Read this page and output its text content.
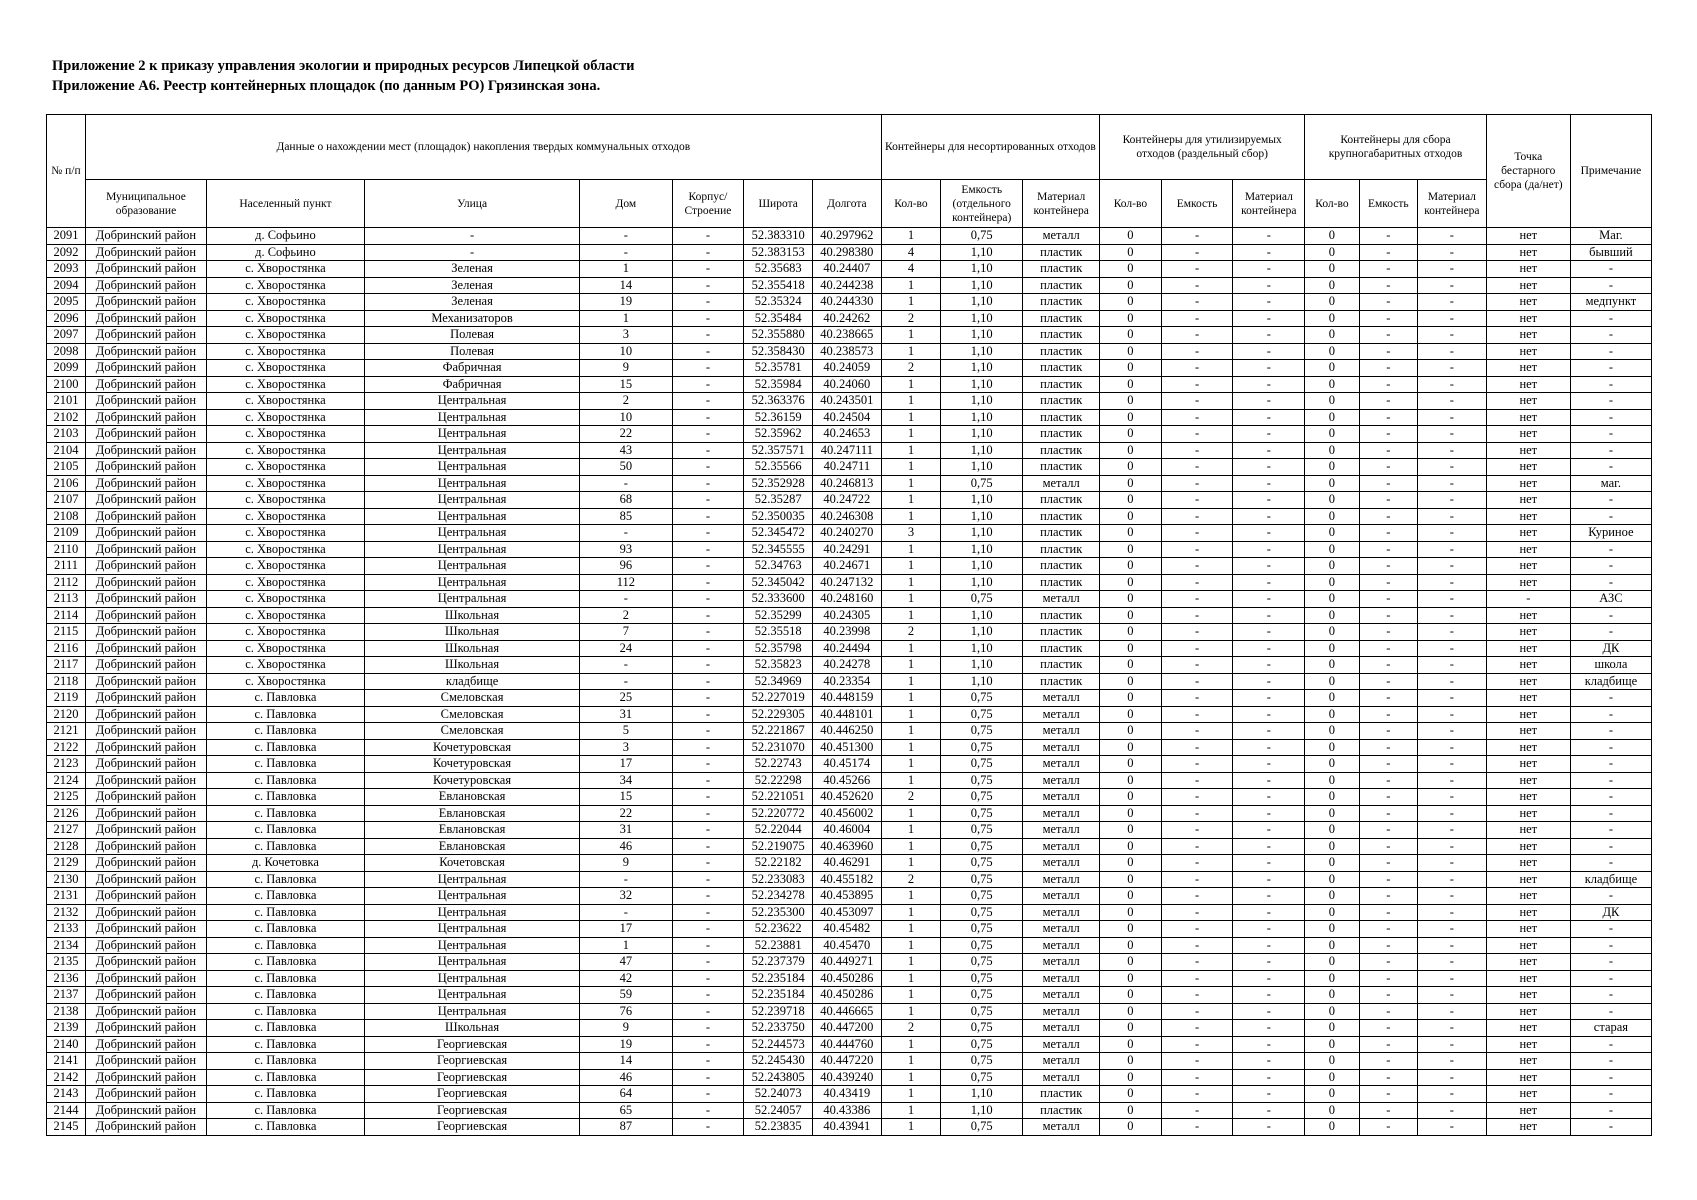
Приложение 2 к приказу управления экологии и природных ресурсов Липецкой области
Приложение А6. Реестр контейнерных площадок (по данным РО) Грязинская зона.
№ п/п	Данные о нахождении мест (площадок) накопления твердых коммунальных отходов							Контейнеры для несортированных отходов			Контейнеры для утилизируемых отходов (раздельный сбор)			Контейнеры для сбора крупногабаритных отходов			Точка бестарного сбора (да/нет)	Примечание
	Муниципальное образование	Населенный пункт	Улица	Дом	Корпус/ Строение	Широта	Долгота	Кол-во	Емкость (отдельного контейнера)	Материал контейнера	Кол-во	Емкость	Материал контейнера	Кол-во	Емкость	Материал контейнера		
2091	Добринский район	д. Софьино	-	-	-	52.383310	40.297962	1	0,75	металл	0	-	-	0	-	-	нет	Маг.
2092	Добринский район	д. Софьино	-	-	-	52.383153	40.298380	4	1,10	пластик	0	-	-	0	-	-	нет	бывший
2093	Добринский район	с. Хворостянка	Зеленая	1	-	52.35683	40.24407	4	1,10	пластик	0	-	-	0	-	-	нет	-
2094	Добринский район	с. Хворостянка	Зеленая	14	-	52.355418	40.244238	1	1,10	пластик	0	-	-	0	-	-	нет	-
2095	Добринский район	с. Хворостянка	Зеленая	19	-	52.35324	40.244330	1	1,10	пластик	0	-	-	0	-	-	нет	медпункт
2096	Добринский район	с. Хворостянка	Механизаторов	1	-	52.35484	40.24262	2	1,10	пластик	0	-	-	0	-	-	нет	-
2097	Добринский район	с. Хворостянка	Полевая	3	-	52.355880	40.238665	1	1,10	пластик	0	-	-	0	-	-	нет	-
2098	Добринский район	с. Хворостянка	Полевая	10	-	52.358430	40.238573	1	1,10	пластик	0	-	-	0	-	-	нет	-
2099	Добринский район	с. Хворостянка	Фабричная	9	-	52.35781	40.24059	2	1,10	пластик	0	-	-	0	-	-	нет	-
2100	Добринский район	с. Хворостянка	Фабричная	15	-	52.35984	40.24060	1	1,10	пластик	0	-	-	0	-	-	нет	-
2101	Добринский район	с. Хворостянка	Центральная	2	-	52.363376	40.243501	1	1,10	пластик	0	-	-	0	-	-	нет	-
2102	Добринский район	с. Хворостянка	Центральная	10	-	52.36159	40.24504	1	1,10	пластик	0	-	-	0	-	-	нет	-
2103	Добринский район	с. Хворостянка	Центральная	22	-	52.35962	40.24653	1	1,10	пластик	0	-	-	0	-	-	нет	-
2104	Добринский район	с. Хворостянка	Центральная	43	-	52.357571	40.247111	1	1,10	пластик	0	-	-	0	-	-	нет	-
2105	Добринский район	с. Хворостянка	Центральная	50	-	52.35566	40.24711	1	1,10	пластик	0	-	-	0	-	-	нет	-
2106	Добринский район	с. Хворостянка	Центральная	-	-	52.352928	40.246813	1	0,75	металл	0	-	-	0	-	-	нет	маг.
2107	Добринский район	с. Хворостянка	Центральная	68	-	52.35287	40.24722	1	1,10	пластик	0	-	-	0	-	-	нет	-
2108	Добринский район	с. Хворостянка	Центральная	85	-	52.350035	40.246308	1	1,10	пластик	0	-	-	0	-	-	нет	-
2109	Добринский район	с. Хворостянка	Центральная	-	-	52.345472	40.240270	3	1,10	пластик	0	-	-	0	-	-	нет	Куриное
2110	Добринский район	с. Хворостянка	Центральная	93	-	52.345555	40.24291	1	1,10	пластик	0	-	-	0	-	-	нет	-
2111	Добринский район	с. Хворостянка	Центральная	96	-	52.34763	40.24671	1	1,10	пластик	0	-	-	0	-	-	нет	-
2112	Добринский район	с. Хворостянка	Центральная	112	-	52.345042	40.247132	1	1,10	пластик	0	-	-	0	-	-	нет	-
2113	Добринский район	с. Хворостянка	Центральная	-	-	52.333600	40.248160	1	0,75	металл	0	-	-	0	-	-	-	АЗС
2114	Добринский район	с. Хворостянка	Школьная	2	-	52.35299	40.24305	1	1,10	пластик	0	-	-	0	-	-	нет	-
2115	Добринский район	с. Хворостянка	Школьная	7	-	52.35518	40.23998	2	1,10	пластик	0	-	-	0	-	-	нет	-
2116	Добринский район	с. Хворостянка	Школьная	24	-	52.35798	40.24494	1	1,10	пластик	0	-	-	0	-	-	нет	ДК
2117	Добринский район	с. Хворостянка	Школьная	-	-	52.35823	40.24278	1	1,10	пластик	0	-	-	0	-	-	нет	школа
2118	Добринский район	с. Хворостянка	кладбище	-	-	52.34969	40.23354	1	1,10	пластик	0	-	-	0	-	-	нет	кладбище
2119	Добринский район	с. Павловка	Смеловская	25	-	52.227019	40.448159	1	0,75	металл	0	-	-	0	-	-	нет	-
2120	Добринский район	с. Павловка	Смеловская	31	-	52.229305	40.448101	1	0,75	металл	0	-	-	0	-	-	нет	-
2121	Добринский район	с. Павловка	Смеловская	5	-	52.221867	40.446250	1	0,75	металл	0	-	-	0	-	-	нет	-
2122	Добринский район	с. Павловка	Кочетуровская	3	-	52.231070	40.451300	1	0,75	металл	0	-	-	0	-	-	нет	-
2123	Добринский район	с. Павловка	Кочетуровская	17	-	52.22743	40.45174	1	0,75	металл	0	-	-	0	-	-	нет	-
2124	Добринский район	с. Павловка	Кочетуровская	34	-	52.22298	40.45266	1	0,75	металл	0	-	-	0	-	-	нет	-
2125	Добринский район	с. Павловка	Евлановская	15	-	52.221051	40.452620	2	0,75	металл	0	-	-	0	-	-	нет	-
2126	Добринский район	с. Павловка	Евлановская	22	-	52.220772	40.456002	1	0,75	металл	0	-	-	0	-	-	нет	-
2127	Добринский район	с. Павловка	Евлановская	31	-	52.22044	40.46004	1	0,75	металл	0	-	-	0	-	-	нет	-
2128	Добринский район	с. Павловка	Евлановская	46	-	52.219075	40.463960	1	0,75	металл	0	-	-	0	-	-	нет	-
2129	Добринский район	д. Кочетовка	Кочетовская	9	-	52.22182	40.46291	1	0,75	металл	0	-	-	0	-	-	нет	-
2130	Добринский район	с. Павловка	Центральная	-	-	52.233083	40.455182	2	0,75	металл	0	-	-	0	-	-	нет	кладбище
2131	Добринский район	с. Павловка	Центральная	32	-	52.234278	40.453895	1	0,75	металл	0	-	-	0	-	-	нет	-
2132	Добринский район	с. Павловка	Центральная	-	-	52.235300	40.453097	1	0,75	металл	0	-	-	0	-	-	нет	ДК
2133	Добринский район	с. Павловка	Центральная	17	-	52.23622	40.45482	1	0,75	металл	0	-	-	0	-	-	нет	-
2134	Добринский район	с. Павловка	Центральная	1	-	52.23881	40.45470	1	0,75	металл	0	-	-	0	-	-	нет	-
2135	Добринский район	с. Павловка	Центральная	47	-	52.237379	40.449271	1	0,75	металл	0	-	-	0	-	-	нет	-
2136	Добринский район	с. Павловка	Центральная	42	-	52.235184	40.450286	1	0,75	металл	0	-	-	0	-	-	нет	-
2137	Добринский район	с. Павловка	Центральная	59	-	52.235184	40.450286	1	0,75	металл	0	-	-	0	-	-	нет	-
2138	Добринский район	с. Павловка	Центральная	76	-	52.239718	40.446665	1	0,75	металл	0	-	-	0	-	-	нет	-
2139	Добринский район	с. Павловка	Школьная	9	-	52.233750	40.447200	2	0,75	металл	0	-	-	0	-	-	нет	старая
2140	Добринский район	с. Павловка	Георгиевская	19	-	52.244573	40.444760	1	0,75	металл	0	-	-	0	-	-	нет	-
2141	Добринский район	с. Павловка	Георгиевская	14	-	52.245430	40.447220	1	0,75	металл	0	-	-	0	-	-	нет	-
2142	Добринский район	с. Павловка	Георгиевская	46	-	52.243805	40.439240	1	0,75	металл	0	-	-	0	-	-	нет	-
2143	Добринский район	с. Павловка	Георгиевская	64	-	52.24073	40.43419	1	1,10	пластик	0	-	-	0	-	-	нет	-
2144	Добринский район	с. Павловка	Георгиевская	65	-	52.24057	40.43386	1	1,10	пластик	0	-	-	0	-	-	нет	-
2145	Добринский район	с. Павловка	Георгиевская	87	-	52.23835	40.43941	1	0,75	металл	0	-	-	0	-	-	нет	-
